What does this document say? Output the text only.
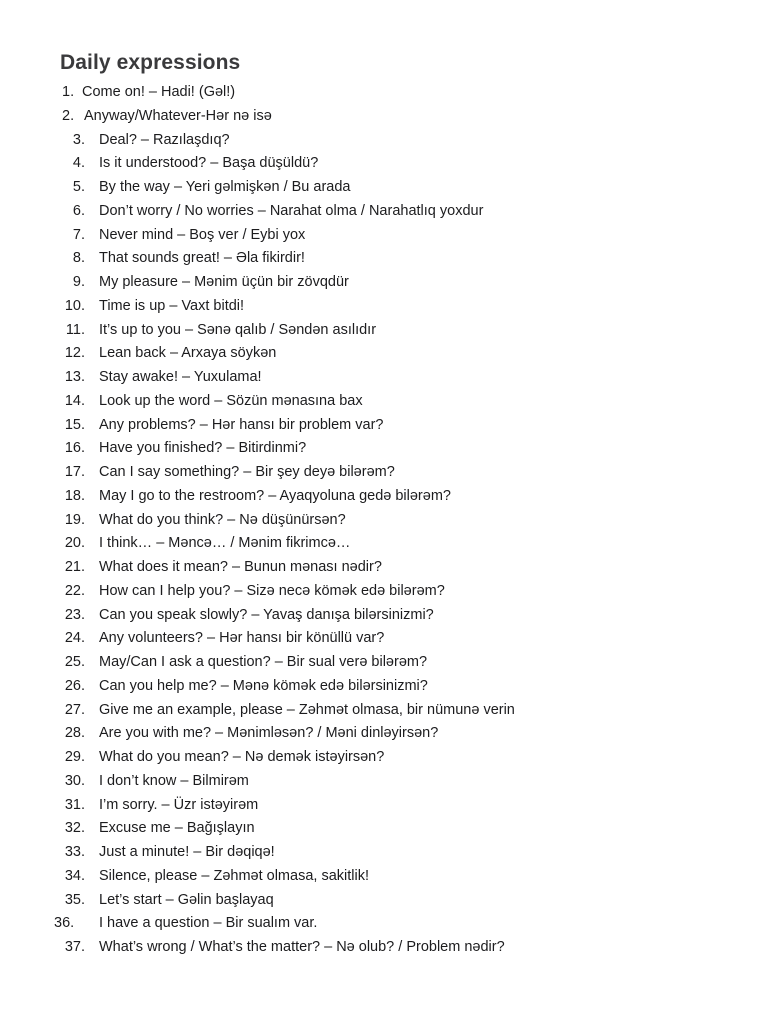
Daily expressions
1. Come on! – Hadi! (Gəl!)
2. Anyway/Whatever-Hər nə isə
3. Deal? – Razılaşdıq?
4. Is it understood? – Başa düşüldü?
5. By the way – Yeri gəlmişkən / Bu arada
6. Don’t worry / No worries – Narahat olma / Narahatlıq yoxdur
7. Never mind – Boş ver / Eybi yox
8. That sounds great! – Əla fikirdir!
9. My pleasure – Mənim üçün bir zövqdür
10. Time is up – Vaxt bitdi!
11. It’s up to you – Sənə qalıb / Səndən asılıdır
12. Lean back – Arxaya söykən
13. Stay awake! – Yuxulama!
14. Look up the word – Sözün mənasına bax
15. Any problems? – Hər hansı bir problem var?
16. Have you finished? – Bitirdinmi?
17. Can I say something? – Bir şey deyə bilərəm?
18. May I go to the restroom? – Ayaqyoluna gedə bilərəm?
19. What do you think? – Nə düşünürsən?
20. I think… – Məncə… / Mənim fikrimcə…
21. What does it mean? – Bunun mənası nədir?
22. How can I help you? – Sizə necə kömək edə bilərəm?
23. Can you speak slowly? – Yavaş danışa bilərsinizmi?
24. Any volunteers? – Hər hansı bir könüllü var?
25. May/Can I ask a question? – Bir sual verə bilərəm?
26. Can you help me? – Mənə kömək edə bilərsinizmi?
27. Give me an example, please – Zəhmət olmasa, bir nümunə verin
28. Are you with me? – Mənimləsən? / Məni dinləyirsən?
29. What do you mean? – Nə demək istəyirsən?
30. I don’t know – Bilmirəm
31. I’m sorry. – Üzr istəyirəm
32. Excuse me – Bağışlayın
33. Just a minute! – Bir dəqiqə!
34. Silence, please – Zəhmət olmasa, sakitlik!
35. Let’s start – Gəlin başlayaq
36. I have a question – Bir sualım var.
37. What’s wrong / What’s the matter? – Nə olub? / Problem nədir?
